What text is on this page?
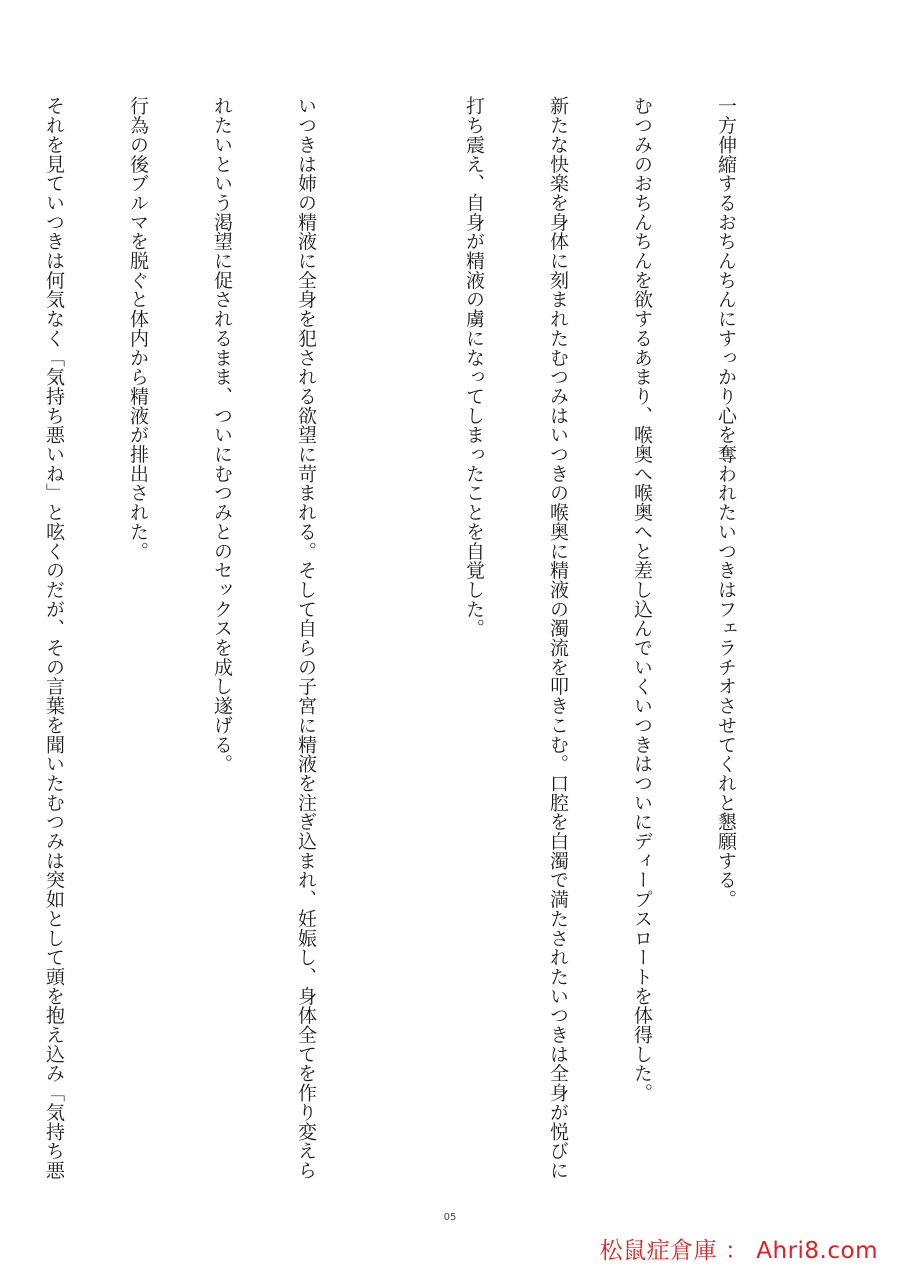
一方伸縮するおちんちんにすっかり心を奪われたいつきはフェラチオさせてくれと懇願する。

むつみのおちんちんを欲するあまり、喉奥へ喉奥へと差し込んでいくいつきはついにディープスロートを体得した。

新たな快楽を身体に刻まれたむつみはいつきの喉奥に精液の濁流を叩きこむ。口腔を白濁で満たされたいつきは全身が悦びに

打ち震え、自身が精液の虜になってしまったことを自覚した。

いつきは姉の精液に全身を犯される欲望に苛まれる。そして自らの子宮に精液を注ぎ込まれ、妊娠し、身体全てを作り変えら

れたいという渇望に促されるまま、ついにむつみとのセックスを成し遂げる。

行為の後ブルマを脱ぐと体内から精液が排出された。

それを見ていつきは何気なく「気持ち悪いね」と呟くのだが、その言葉を聞いたむつみは突如として頭を抱え込み「気持ち悪

05
松鼠症倉庫 ： Ahri8.com
